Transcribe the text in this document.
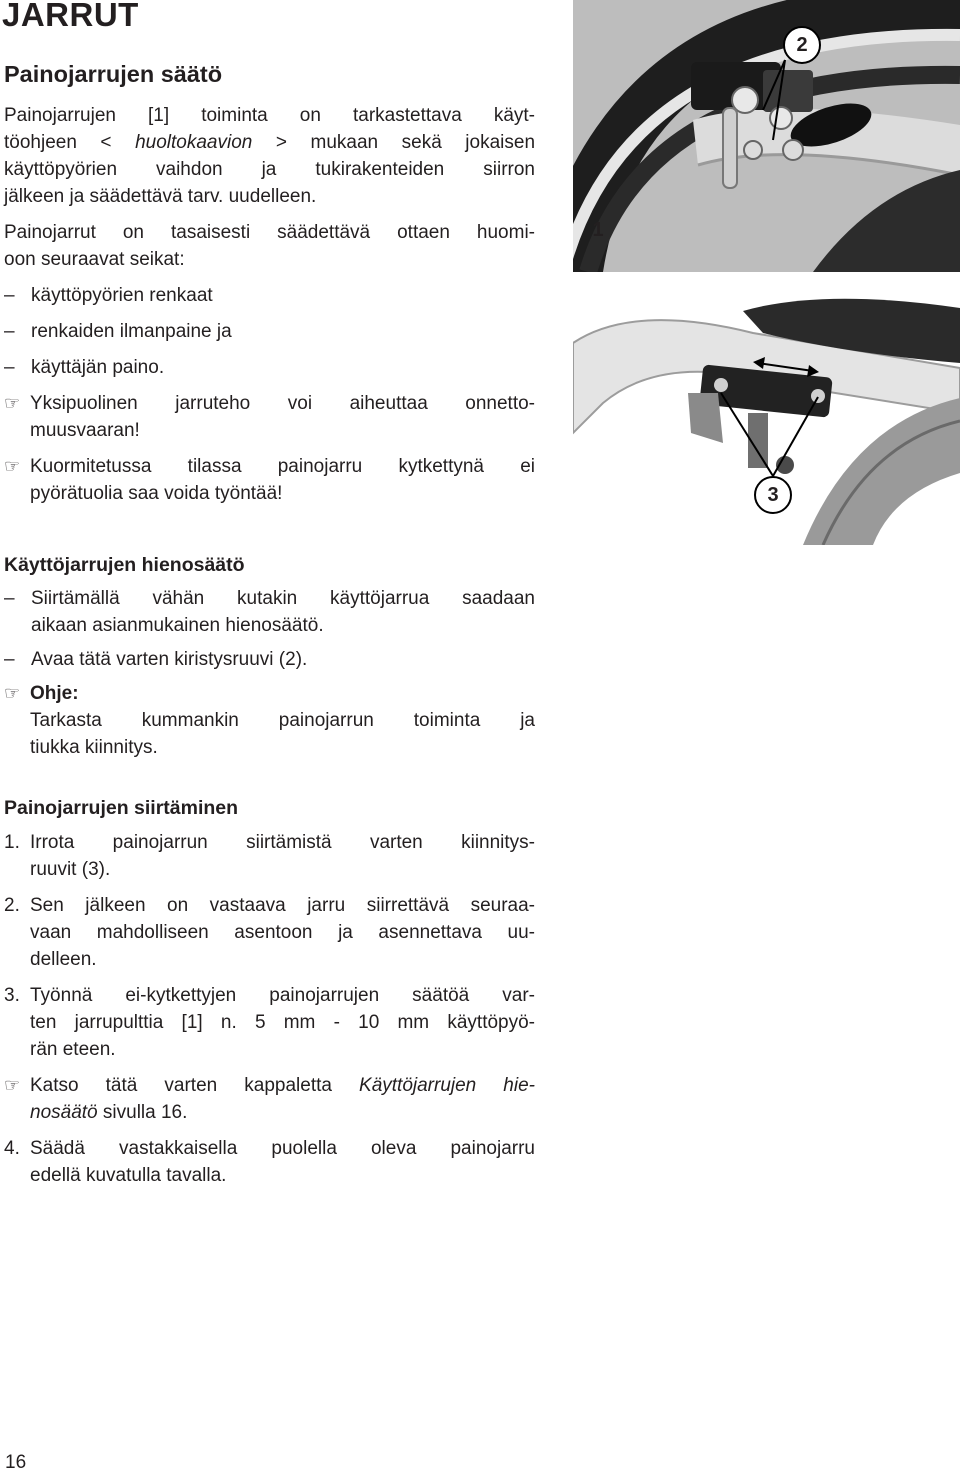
JARRUT
Painojarrujen säätö

Painojarrujen [1] toiminta on tarkastettava käyt-

töohjeen < huoltokaavion > mukaan sekä jokaisen

käyttöpyörien vaihdon ja tukirakenteiden siirron

jälkeen ja säädettävä tarv. uudelleen.

Painojarrut on tasaisesti säädettävä ottaen huomi-

oon seuraavat seikat:

– käyttöpyörien renkaat
– renkaiden ilmanpaine ja
– käyttäjän paino.
☞ Yksipuolinen jarruteho voi aiheuttaa onnetto-

muusvaaran!

☞ Kuormitetussa tilassa painojarru kytkettynä ei

pyörätuolia saa voida työntää!

Käyttöjarrujen hienosäätö
– Siirtämällä vähän kutakin käyttöjarrua saadaan

aikaan asianmukainen hienosäätö.

– Avaa tätä varten kiristysruuvi (2).
☞ Ohje:

Tarkasta kummankin painojarrun toiminta ja

tiukka kiinnitys.

Painojarrujen siirtäminen
1. Irrota painojarrun siirtämistä varten kiinnitys-

ruuvit (3).

2. Sen jälkeen on vastaava jarru siirrettävä seuraa-

vaan mahdolliseen asentoon ja asennettava uu-

delleen.

3. Työnnä ei-kytkettyjen painojarrujen säätöä var-

ten jarrupulttia [1] n. 5 mm - 10 mm käyttöpyö-

rän eteen.

☞ Katso tätä varten kappaletta Käyttöjarrujen hie-

nosäätö sivulla 16.

4. Säädä vastakkaisella puolella oleva painojarru

edellä kuvatulla tavalla.

2
1
3
16
